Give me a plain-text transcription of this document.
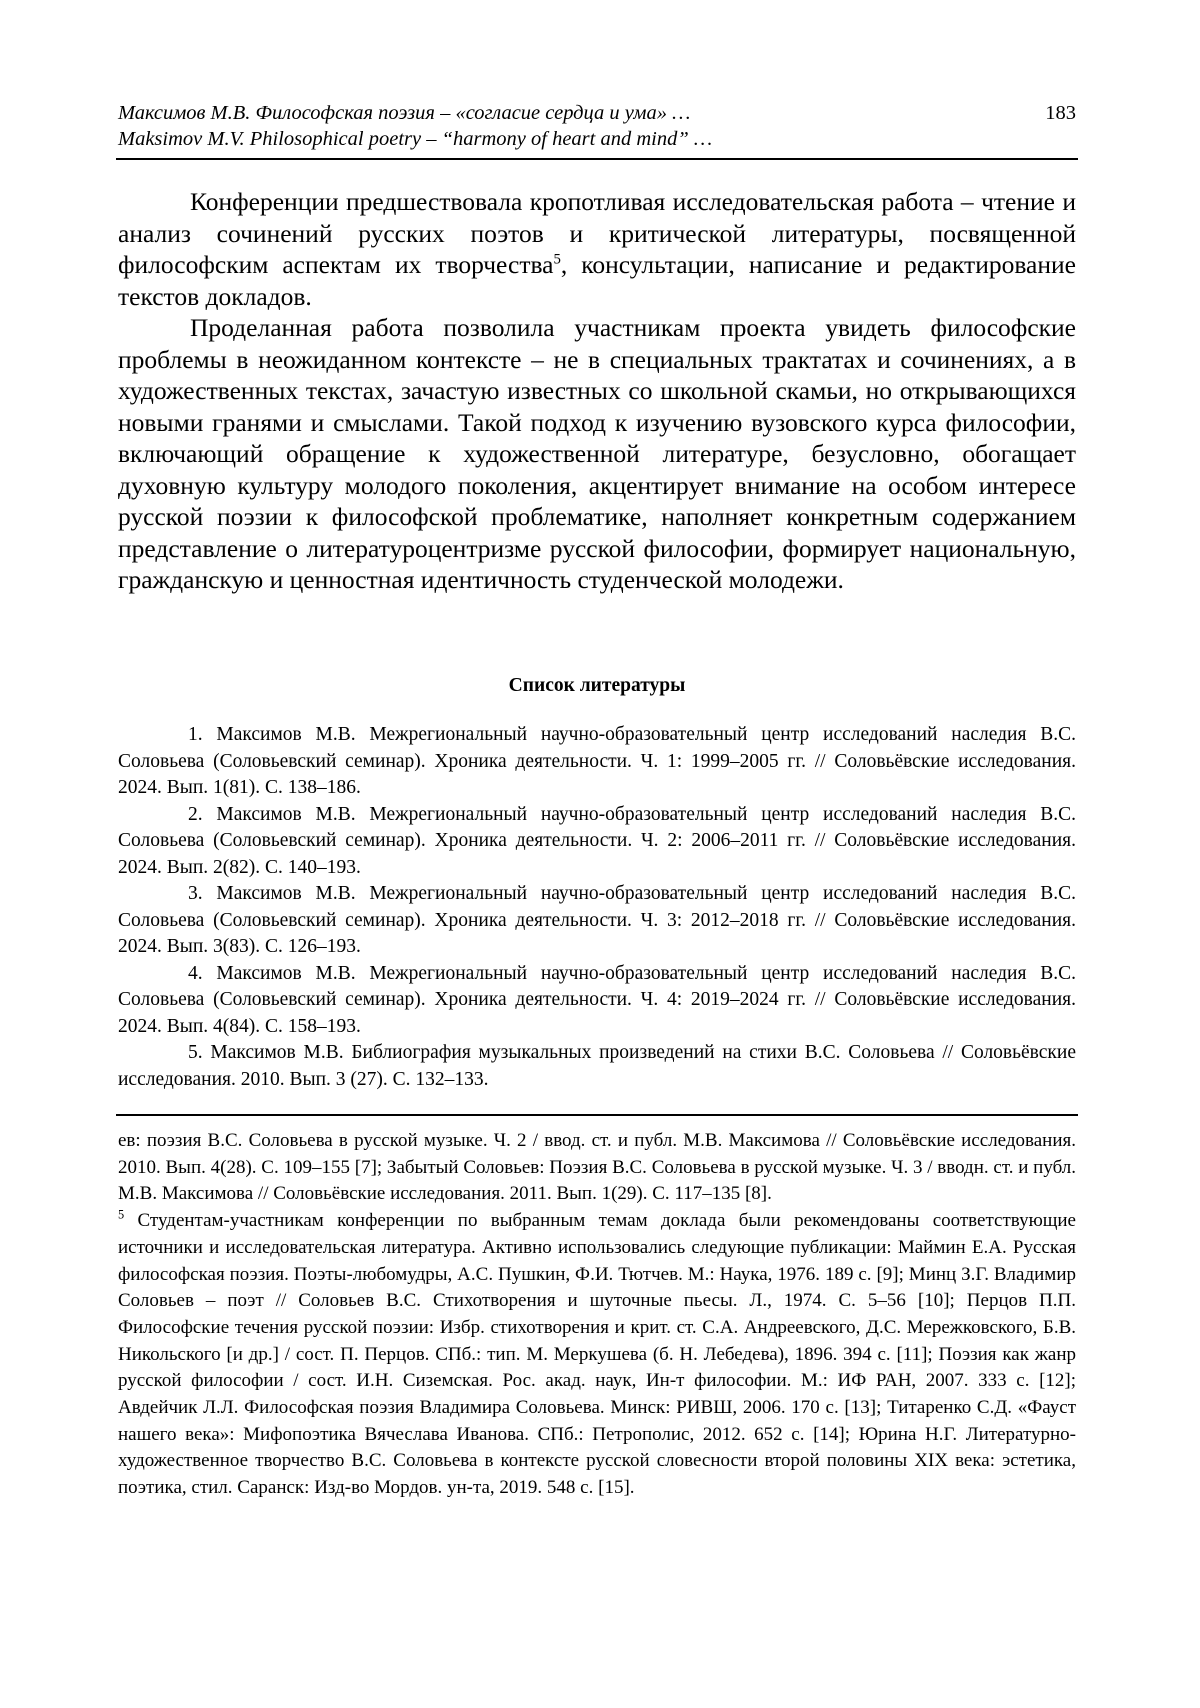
Максимов М.В. Философская поэзия – «согласие сердца и ума» …
Maksimov M.V. Philosophical poetry – “harmony of heart and mind” …
183

Конференции предшествовала кропотливая исследовательская работа – чтение и анализ сочинений русских поэтов и критической литературы, посвященной философским аспектам их творчества$^5$, консультации, написание и редактирование текстов докладов.

Проделанная работа позволила участникам проекта увидеть философские проблемы в неожиданном контексте – не в специальных трактатах и сочинениях, а в художественных текстах, зачастую известных со школьной скамьи, но открывающихся новыми гранями и смыслами. Такой подход к изучению вузовского курса философии, включающий обращение к художественной литературе, безусловно, обогащает духовную культуру молодого поколения, акцентирует внимание на особом интересе русской поэзии к философской проблематике, наполняет конкретным содержанием представление о литературоцентризме русской философии, формирует национальную, гражданскую и ценностная идентичность студенческой молодежи.

Список литературы
1. Максимов М.В. Межрегиональный научно-образовательный центр исследований наследия В.С. Соловьева (Соловьевский семинар). Хроника деятельности. Ч. 1: 1999–2005 гг. // Соловьёвские исследования. 2024. Вып. 1(81). С. 138–186.
2. Максимов М.В. Межрегиональный научно-образовательный центр исследований наследия В.С. Соловьева (Соловьевский семинар). Хроника деятельности. Ч. 2: 2006–2011 гг. // Соловьёвские исследования. 2024. Вып. 2(82). С. 140–193.
3. Максимов М.В. Межрегиональный научно-образовательный центр исследований наследия В.С. Соловьева (Соловьевский семинар). Хроника деятельности. Ч. 3: 2012–2018 гг. // Соловьёвские исследования. 2024. Вып. 3(83). С. 126–193.
4. Максимов М.В. Межрегиональный научно-образовательный центр исследований наследия В.С. Соловьева (Соловьевский семинар). Хроника деятельности. Ч. 4: 2019–2024 гг. // Соловьёвские исследования. 2024. Вып. 4(84). С. 158–193.
5. Максимов М.В. Библиография музыкальных произведений на стихи В.С. Соловьева // Соловьёвские исследования. 2010. Вып. 3 (27). С. 132–133.

ев: поэзия В.С. Соловьева в русской музыке. Ч. 2 / ввод. ст. и публ. М.В. Максимова // Соловьёвские исследования. 2010. Вып. 4(28). С. 109–155 [7]; Забытый Соловьев: Поэзия В.С. Соловьева в русской музыке. Ч. 3 / вводн. ст. и публ. М.В. Максимова // Соловьёвские исследования. 2011. Вып. 1(29). С. 117–135 [8].

$^5$ Студентам-участникам конференции по выбранным темам доклада были рекомендованы соответствующие источники и исследовательская литература. Активно использовались следующие публикации: Маймин Е.А. Русская философская поэзия. Поэты-любомудры, А.С. Пушкин, Ф.И. Тютчев. М.: Наука, 1976. 189 с. [9]; Минц З.Г. Владимир Соловьев – поэт // Соловьев В.С. Стихотворения и шуточные пьесы. Л., 1974. С. 5–56 [10]; Перцов П.П. Философские течения русской поэзии: Избр. стихотворения и крит. ст. С.А. Андреевского, Д.С. Мережковского, Б.В. Никольского [и др.] / сост. П. Перцов. СПб.: тип. М. Меркушева (б. Н. Лебедева), 1896. 394 с. [11]; Поэзия как жанр русской философии / сост. И.Н. Сиземская. Рос. акад. наук, Ин-т философии. М.: ИФ РАН, 2007. 333 с. [12]; Авдейчик Л.Л. Философская поэзия Владимира Соловьева. Минск: РИВШ, 2006. 170 с. [13]; Титаренко С.Д. «Фауст нашего века»: Мифопоэтика Вячеслава Иванова. СПб.: Петрополис, 2012. 652 с. [14]; Юрина Н.Г. Литературно-художественное творчество В.С. Соловьева в контексте русской словесности второй половины XIX века: эстетика, поэтика, стил. Саранск: Изд-во Мордов. ун-та, 2019. 548 с. [15].
